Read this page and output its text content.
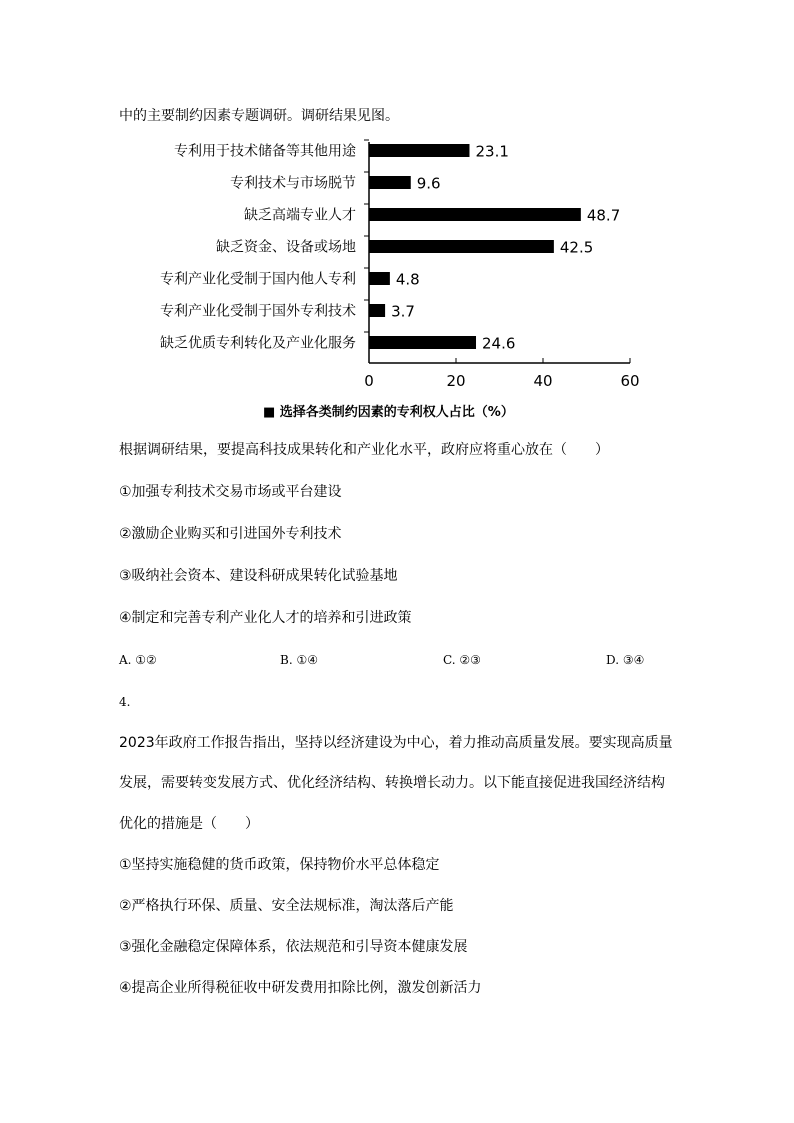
中的主要制约因素专题调研。调研结果见图。
专利用于技术储备等其他用途	23.1
专利技术与市场脱节	9.6
缺乏高端专业人才	48.7
缺乏资金、设备或场地	42.5
专利产业化受制于国内他人专利	4.8
专利产业化受制于国外专利技术 3.7
缺乏优质专利转化及产业化服务	24.6
0	20	40	60
■ 选择各类制约因素的专利权人占比（%）
根据调研结果，要提高科技成果转化和产业化水平，政府应将重心放在（　　）
①加强专利技术交易市场或平台建设
②激励企业购买和引进国外专利技术
③吸纳社会资本、建设科研成果转化试验基地
④制定和完善专利产业化人才的培养和引进政策
A. ①②	B. ①④	C. ②③	D. ③④
4.
2023年政府工作报告指出，坚持以经济建设为中心，着力推动高质量发展。要实现高质量
发展，需要转变发展方式、优化经济结构、转换增长动力。以下能直接促进我国经济结构
优化的措施是（　　）
①坚持实施稳健的货币政策，保持物价水平总体稳定
②严格执行环保、质量、安全法规标准，淘汰落后产能
③强化金融稳定保障体系，依法规范和引导资本健康发展
④提高企业所得税征收中研发费用扣除比例，激发创新活力
